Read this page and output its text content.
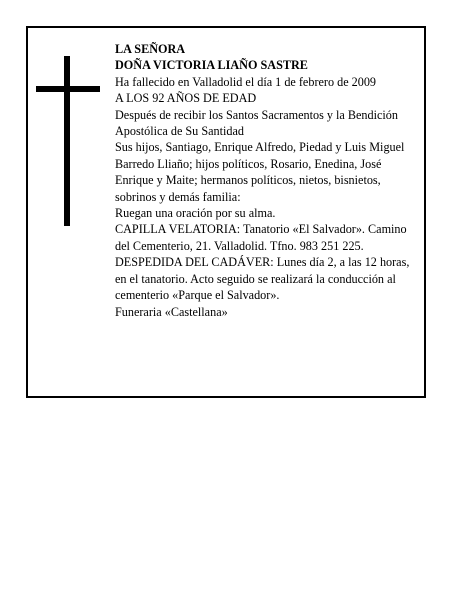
LA SEÑORA

DOÑA VICTORIA LIAÑO SASTRE

Ha fallecido en Valladolid el día 1 de febrero de 2009

A LOS 92 AÑOS DE EDAD

Después de recibir los Santos Sacramentos y la Bendición Apostólica de Su Santidad

Sus hijos, Santiago, Enrique Alfredo, Piedad y Luis Miguel Barredo Lliaño; hijos políticos, Rosario, Enedina, José Enrique y Maite; hermanos políticos, nietos, bisnietos, sobrinos y demás familia:

Ruegan una oración por su alma.

CAPILLA VELATORIA: Tanatorio «El Salvador». Camino del Cementerio, 21. Valladolid. Tfno. 983 251 225.

DESPEDIDA DEL CADÁVER: Lunes día 2, a las 12 horas, en el tanatorio. Acto seguido se realizará la conducción al cementerio «Parque el Salvador».

Funeraria «Castellana»
